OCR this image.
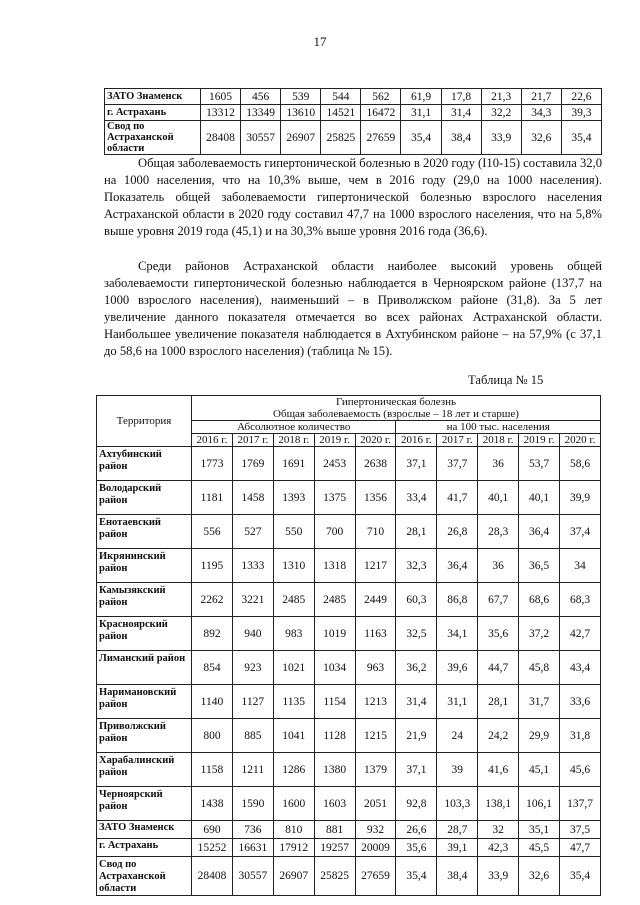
17
ЗАТО Знаменск	1605	456	539	544	562	61,9	17,8	21,3	21,7	22,6
г. Астрахань	13312	13349	13610	14521	16472	31,1	31,4	32,2	34,3	39,3
Свод по Астраханской области	28408	30557	26907	25825	27659	35,4	38,4	33,9	32,6	35,4

Общая заболеваемость гипертонической болезнью в 2020 году (I10-15) составила 32,0 на 1000 населения, что на 10,3% выше, чем в 2016 году (29,0 на 1000 населения). Показатель общей заболеваемости гипертонической болезнью взрослого населения Астраханской области в 2020 году составил 47,7 на 1000 взрослого населения, что на 5,8% выше уровня 2019 года (45,1) и на 30,3% выше уровня 2016 года (36,6).

Среди районов Астраханской области наиболее высокий уровень общей заболеваемости гипертонической болезнью наблюдается в Черноярском районе (137,7 на 1000 взрослого населения), наименьший – в Приволжском районе (31,8). За 5 лет увеличение данного показателя отмечается во всех районах Астраханской области. Наибольшее увеличение показателя наблюдается в Ахтубинском районе – на 57,9% (с 37,1 до 58,6 на 1000 взрослого населения) (таблица № 15).

Таблица № 15
Территория	Гипертоническая болезнь
Общая заболеваемость (взрослые – 18 лет и старше)									
	Абсолютное количество					на 100 тыс. населения				
	2016 г.	2017 г.	2018 г.	2019 г.	2020 г.	2016 г.	2017 г.	2018 г.	2019 г.	2020 г.
Ахтубинский район	1773	1769	1691	2453	2638	37,1	37,7	36	53,7	58,6
Володарский район	1181	1458	1393	1375	1356	33,4	41,7	40,1	40,1	39,9
Енотаевский район	556	527	550	700	710	28,1	26,8	28,3	36,4	37,4
Икрянинский район	1195	1333	1310	1318	1217	32,3	36,4	36	36,5	34
Камызякский район	2262	3221	2485	2485	2449	60,3	86,8	67,7	68,6	68,3
Красноярский район	892	940	983	1019	1163	32,5	34,1	35,6	37,2	42,7
Лиманский район	854	923	1021	1034	963	36,2	39,6	44,7	45,8	43,4
Наримановский район	1140	1127	1135	1154	1213	31,4	31,1	28,1	31,7	33,6
Приволжский район	800	885	1041	1128	1215	21,9	24	24,2	29,9	31,8
Харабалинский район	1158	1211	1286	1380	1379	37,1	39	41,6	45,1	45,6
Черноярский район	1438	1590	1600	1603	2051	92,8	103,3	138,1	106,1	137,7
ЗАТО Знаменск	690	736	810	881	932	26,6	28,7	32	35,1	37,5
г. Астрахань	15252	16631	17912	19257	20009	35,6	39,1	42,3	45,5	47,7
Свод по Астраханской области	28408	30557	26907	25825	27659	35,4	38,4	33,9	32,6	35,4
